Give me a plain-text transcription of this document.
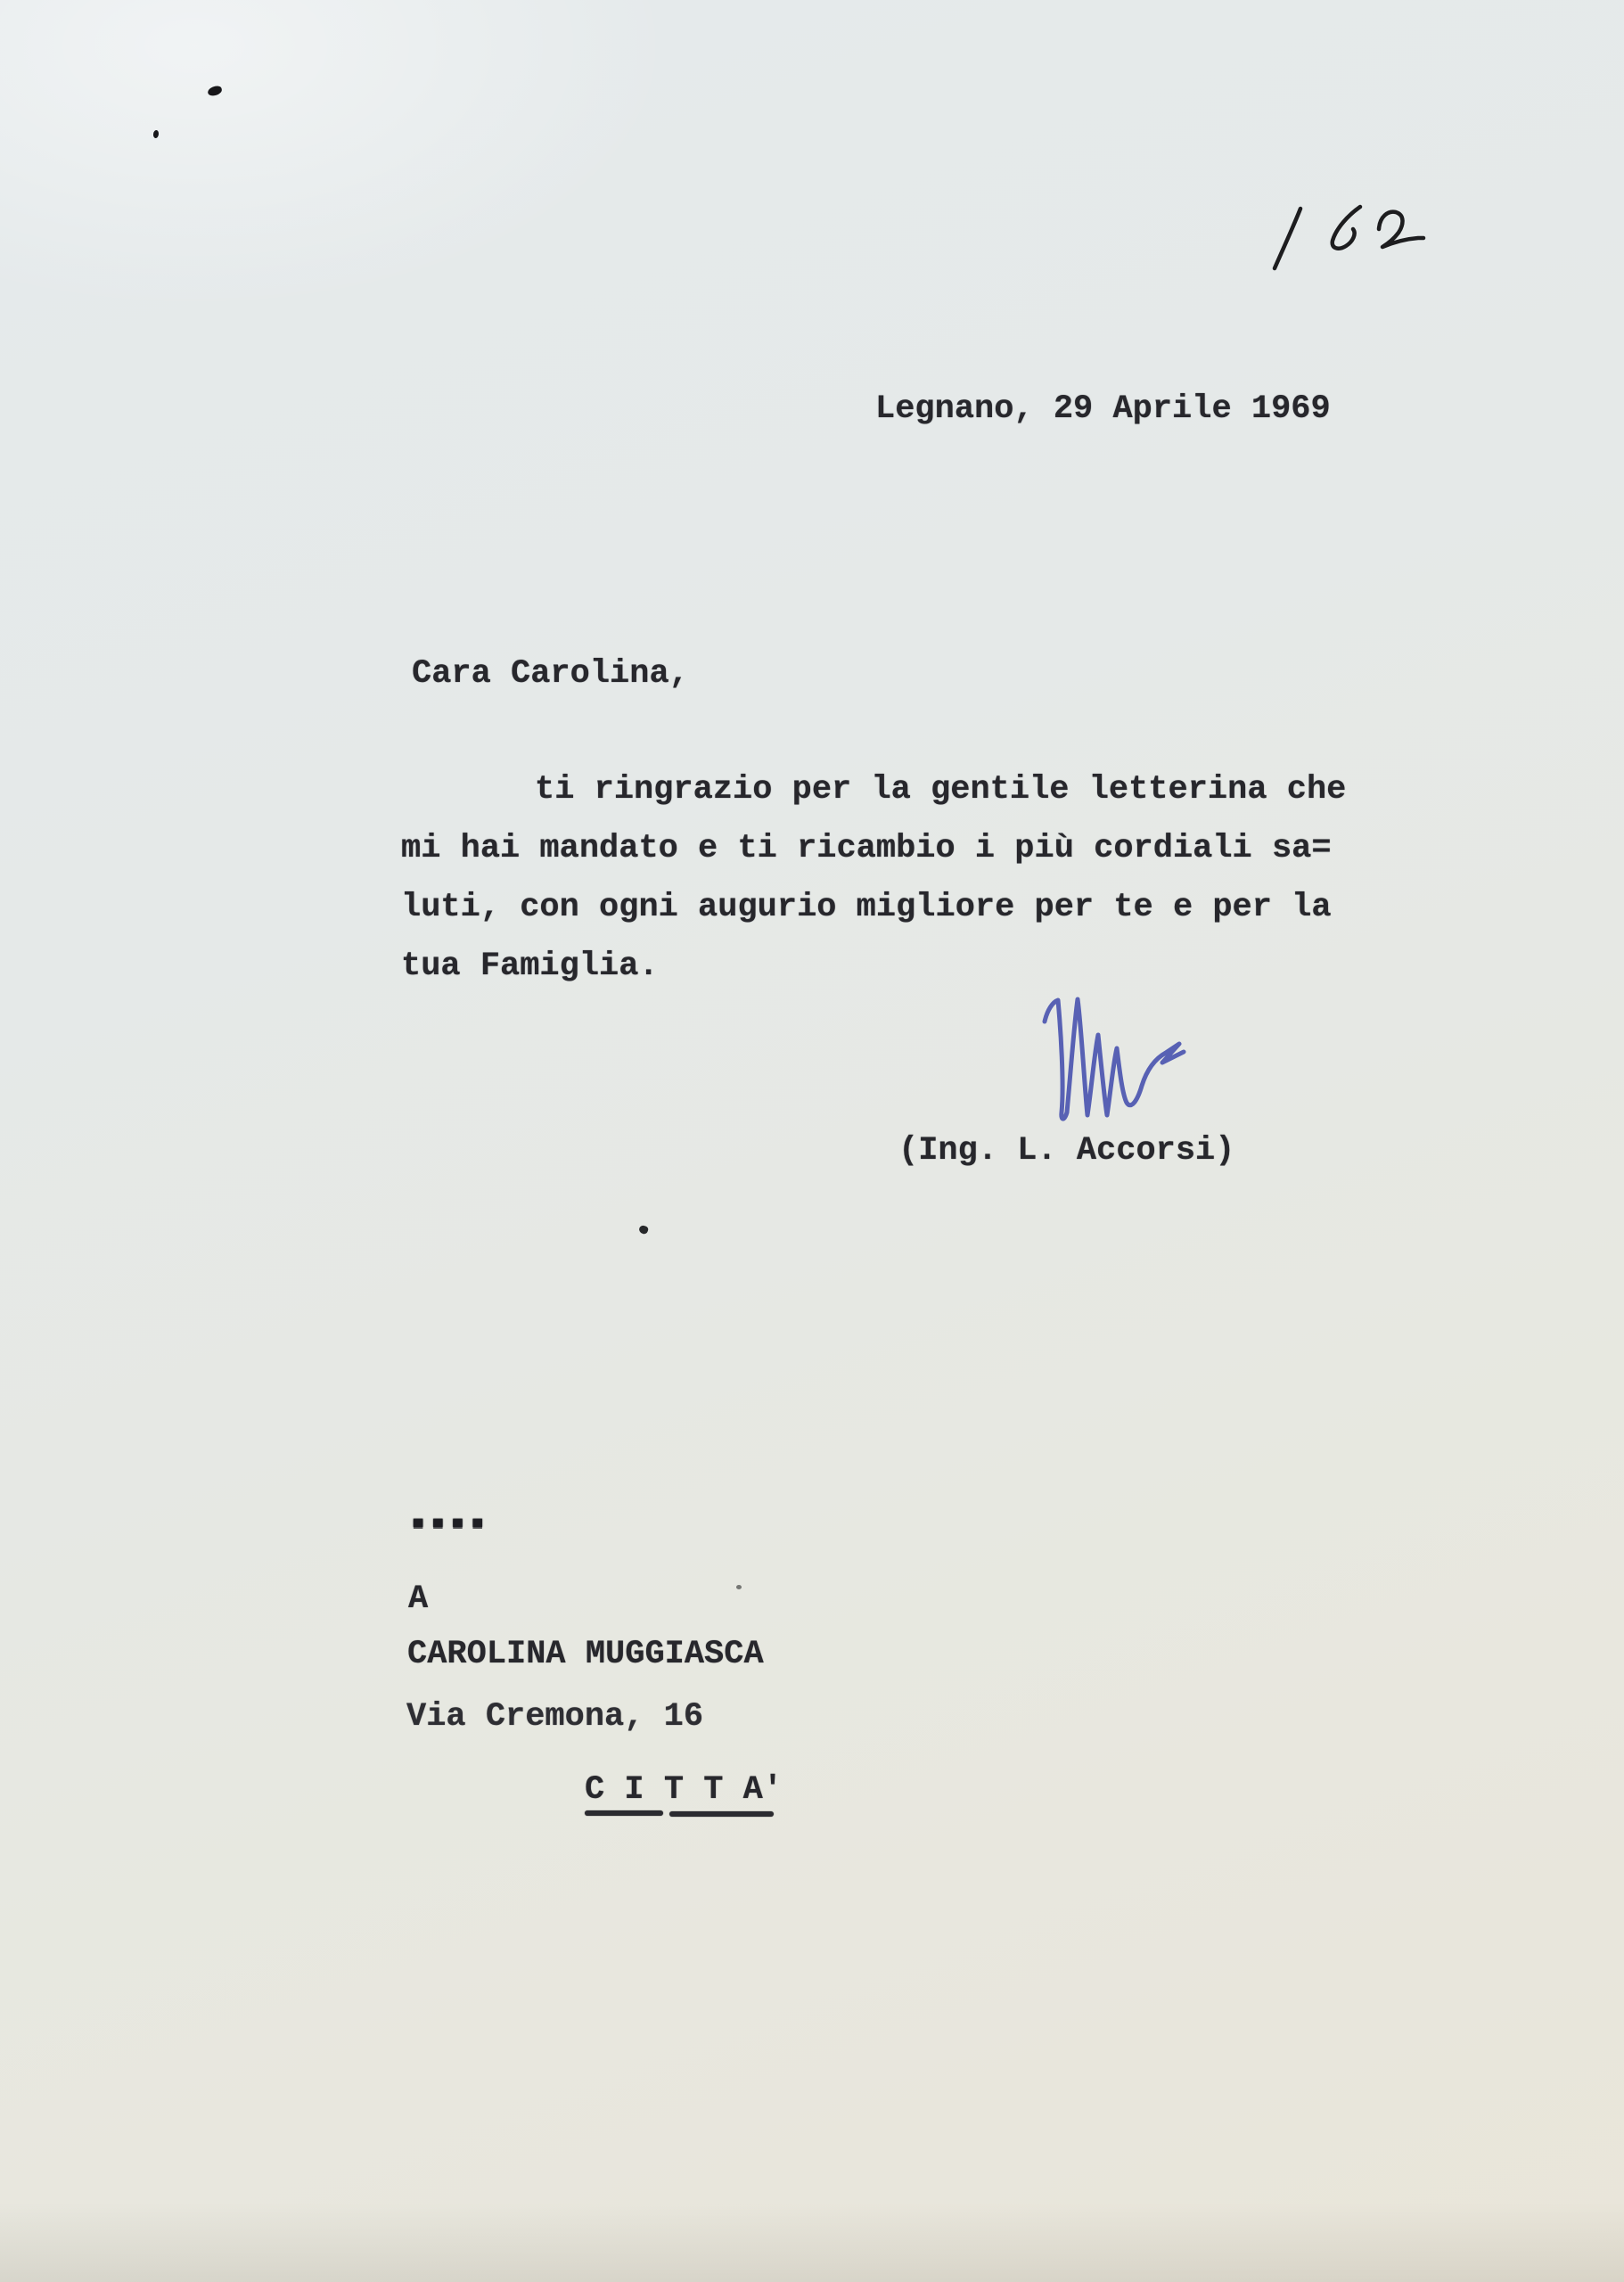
Legnano, 29 Aprile 1969
Cara Carolina,
ti ringrazio per la gentile letterina che
mi hai mandato e ti ricambio i più cordiali sa=
luti, con ogni augurio migliore per te e per la
tua Famiglia.
(Ing. L. Accorsi)
----
A
CAROLINA MUGGIASCA
Via Cremona, 16
C I T T A'
